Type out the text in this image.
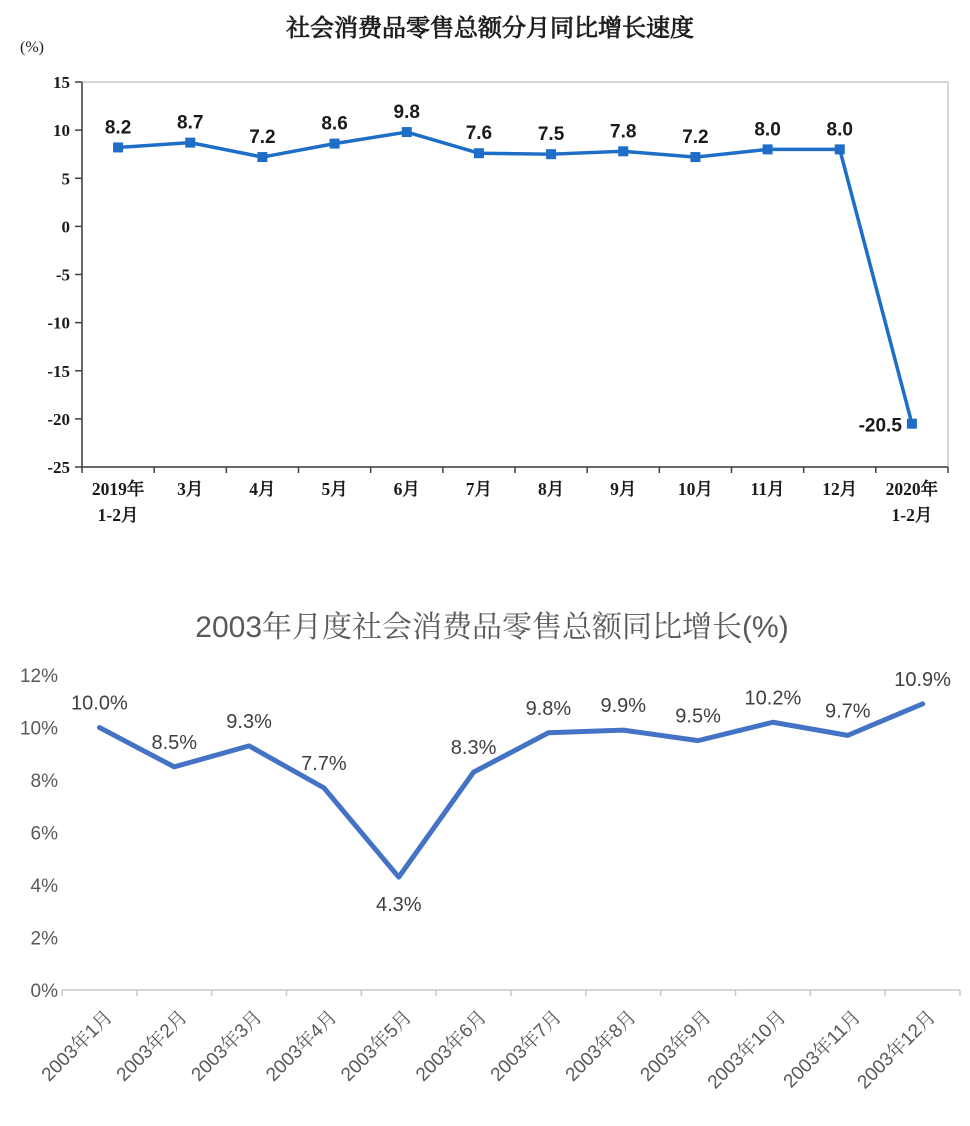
社会消费品零售总额分月同比增长速度
(%)
15
10
5
0
-5
-10
-15
-20
-25
2019年
1-2月
3月	4月	5月	6月	7月	8月	9月 10月 11月 12月 2020年
1-2月
8.2 8.7
7.2
8.6
9.8
7.6 7.5 7.8 7.2 8.0 8.0
-20.5
2003年月度社会消费品零售总额同比增长(%)
12%
10%
8%
6%
4%
2%
0%
2003年1月
2003年2月
2003年3月
2003年4月
2003年5月
2003年6月
2003年7月
2003年8月
2003年9月
2003年10月
2003年11月
2003年12月
10.0%
8.5%
9.3%
7.7%
4.3%
8.3%
9.8% 9.9% 9.5%
10.2%
9.7%
10.9%
